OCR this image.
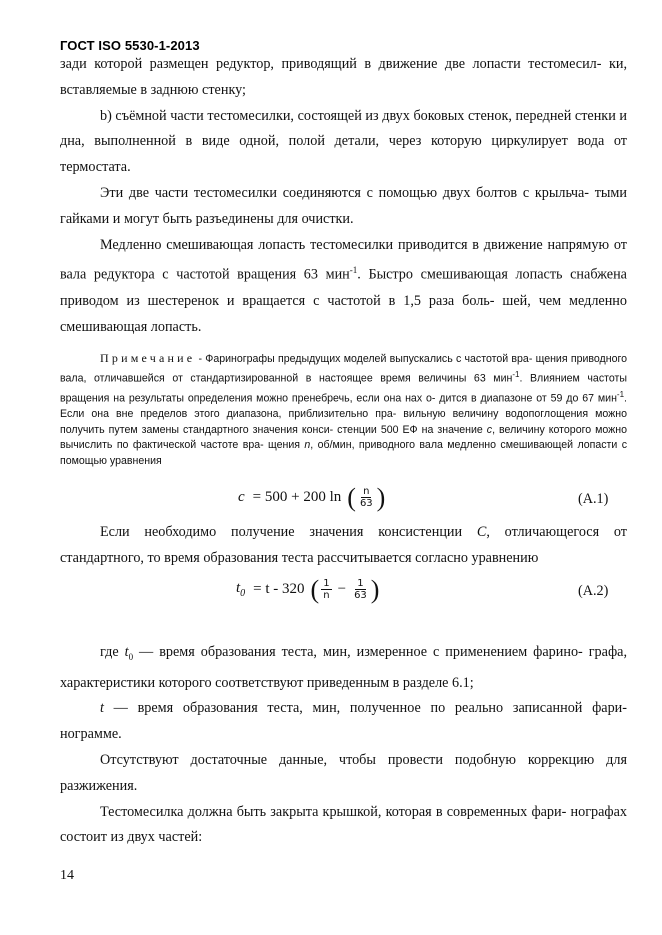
ГОСТ ISO 5530-1-2013

зади которой размещен редуктор, приводящий в движение две лопасти тестомесил- ки, вставляемые в заднюю стенку;

b) съёмной части тестомесилки, состоящей из двух боковых стенок, передней стенки и дна, выполненной в виде одной, полой детали, через которую циркулирует вода от термостата.

Эти две части тестомесилки соединяются с помощью двух болтов с крыльча- тыми гайками и могут быть разъединены для очистки.

Медленно смешивающая лопасть тестомесилки приводится в движение напрямую от вала редуктора с частотой вращения 63 мин$^{-1}$. Быстро смешивающая лопасть снабжена приводом из шестеренок и вращается с частотой в 1,5 раза боль- шей, чем медленно смешивающая лопасть.

Примечание - Фаринографы предыдущих моделей выпускались с частотой вра- щения приводного вала, отличавшейся от стандартизированной в настоящее время величины 63 мин$^{-1}$. Влиянием частоты вращения на результаты определения можно пренебречь, если она нах о- дится в диапазоне от 59 до 67 мин$^{-1}$. Если она вне пределов этого диапазона, приблизительно пра- вильную величину водопоглощения можно получить путем замены стандартного значения конси- стенции 500 ЕФ на значение с, величину которого можно вычислить по фактической частоте вра- щения n, об/мин, приводного вала медленно смешивающей лопасти с помощью уравнения
c = 500 + 200 ln ( $\frac{n}{63}$ )	(A.1)

Если необходимо получение значения консистенции C, отличающегося от стандартного, то время образования теста рассчитывается согласно уравнению

$t_0 = t - 320$ ( $\frac{1}{n} - \frac{1}{63}$ )	(A.2)

где $t_0$ — время образования теста, мин, измеренное с применением фарино- графа, характеристики которого соответствуют приведенным в разделе 6.1;

t — время образования теста, мин, полученное по реально записанной фари- нограмме.

Отсутствуют достаточные данные, чтобы провести подобную коррекцию для разжижения.

Тестомесилка должна быть закрыта крышкой, которая в современных фари- нографах состоит из двух частей:

14
